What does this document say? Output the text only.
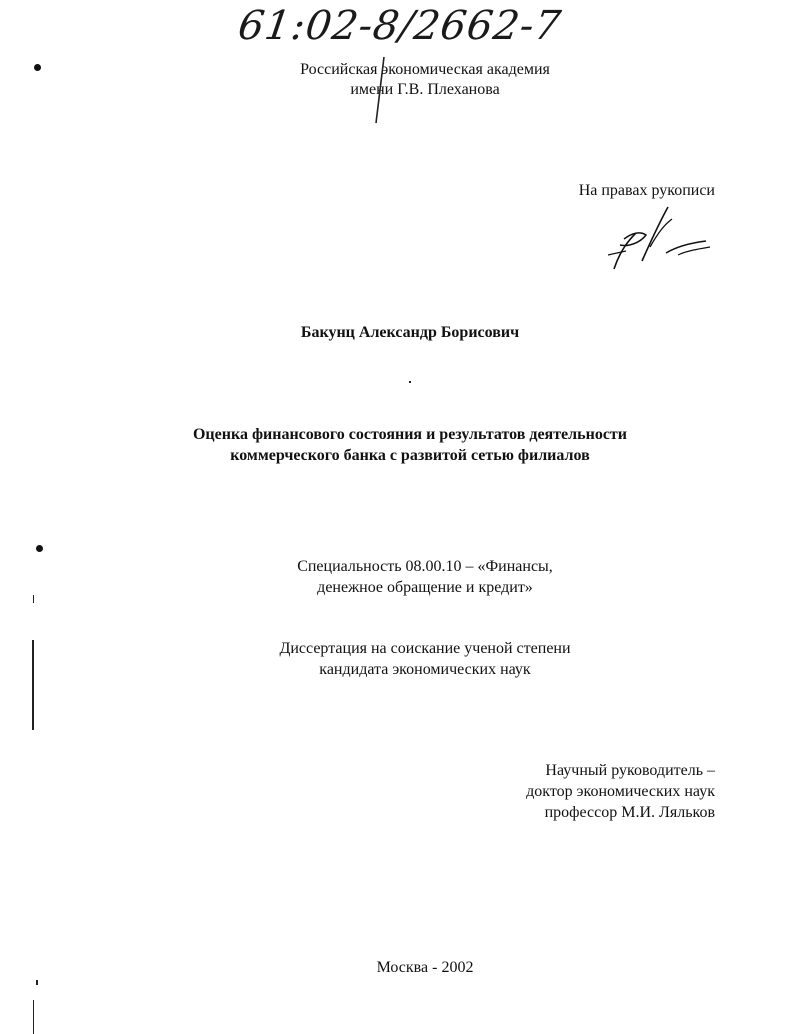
61:02-8/2662-7
Российская экономическая академия
имени Г.В. Плеханова
На правах рукописи
Бакунц Александр Борисович
Оценка финансового состояния и результатов деятельности
коммерческого банка с развитой сетью филиалов
Специальность 08.00.10 – «Финансы,
денежное обращение и кредит»
Диссертация на соискание ученой степени
кандидата экономических наук
Научный руководитель –
доктор экономических наук
профессор М.И. Ляльков
Москва - 2002
